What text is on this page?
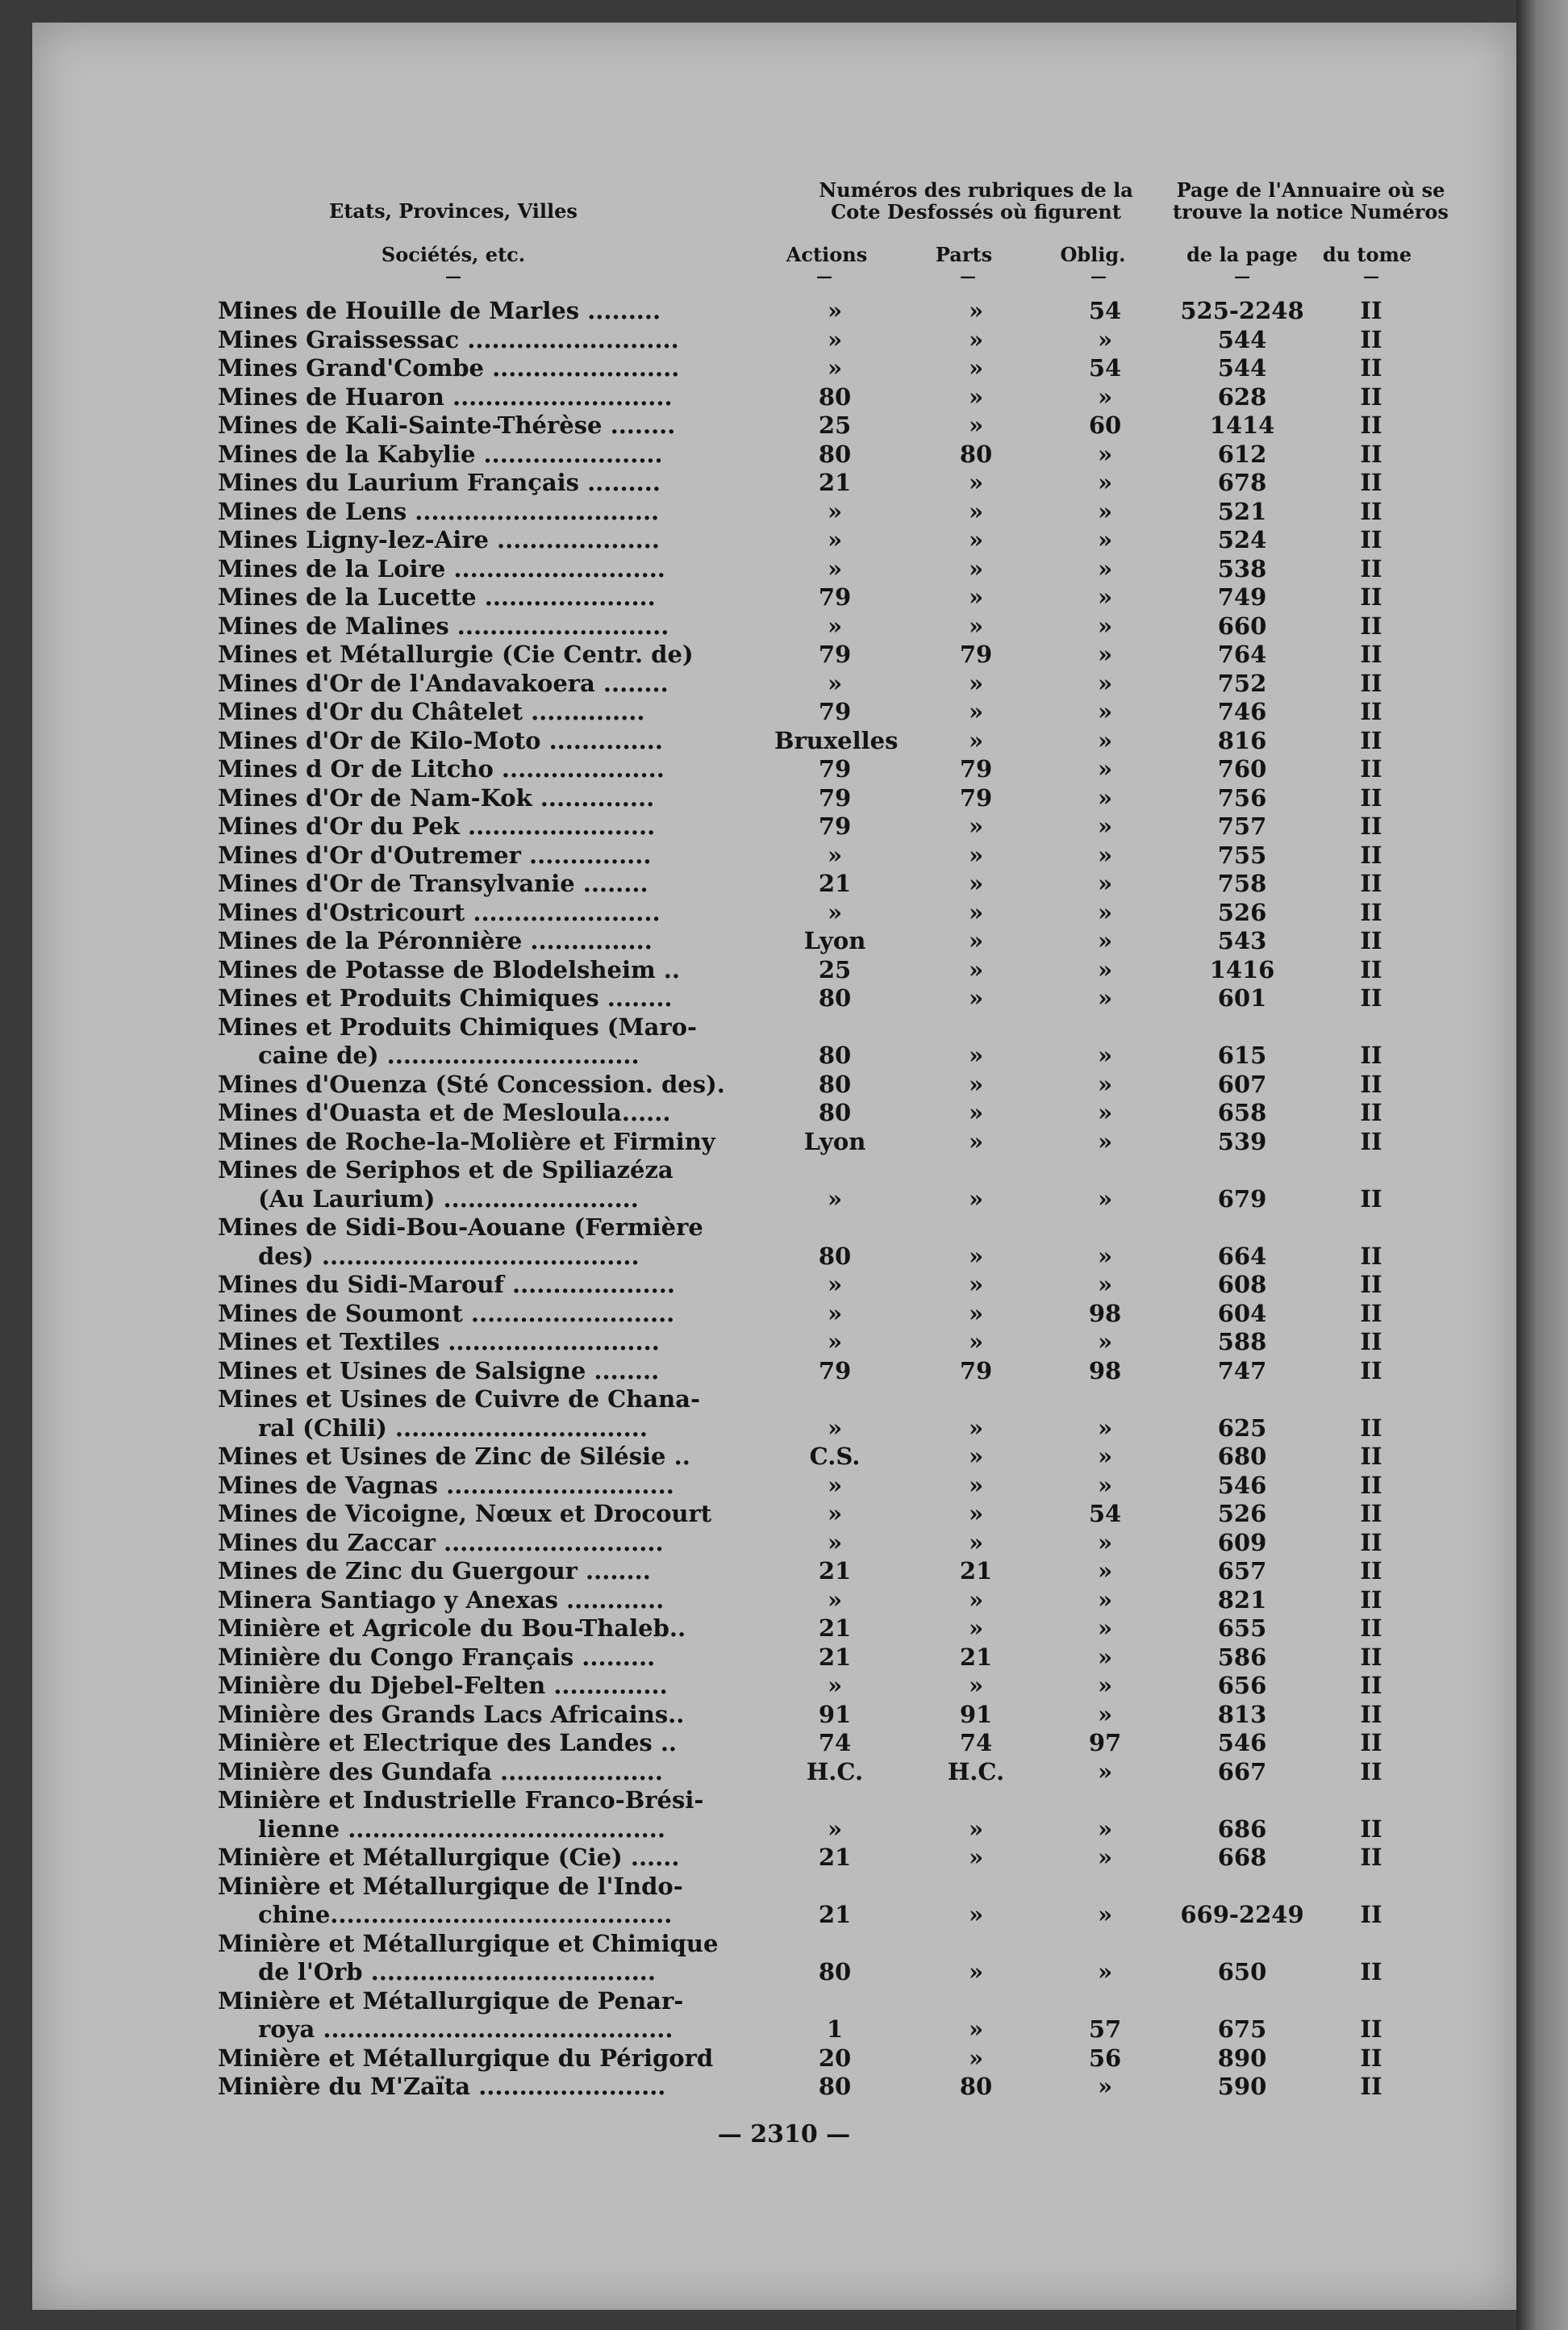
Etats, Provinces, Villes
Sociétés, etc.
Numéros des rubriques de la Cote Desfossés où figurent
Page de l'Annuaire où se trouve la notice Numéros
Actions	Parts	Oblig.	de la page	du tome
—	—	—	—	—	—
Mines de Houille de Marles .........	»	»	54	525-2248	II
Mines Graissessac ..........................	»	»	»	544	II
Mines Grand'Combe .......................	»	»	54	544	II
Mines de Huaron ...........................	80	»	»	628	II
Mines de Kali-Sainte-Thérèse ........	25	»	60	1414	II
Mines de la Kabylie ......................	80	80	»	612	II
Mines du Laurium Français .........	21	»	»	678	II
Mines de Lens ..............................	»	»	»	521	II
Mines Ligny-lez-Aire ....................	»	»	»	524	II
Mines de la Loire ..........................	»	»	»	538	II
Mines de la Lucette .....................	79	»	»	749	II
Mines de Malines ..........................	»	»	»	660	II
Mines et Métallurgie (Cie Centr. de)	79	79	»	764	II
Mines d'Or de l'Andavakoera ........	»	»	»	752	II
Mines d'Or du Châtelet ..............	79	»	»	746	II
Mines d'Or de Kilo-Moto ..............	Bruxelles	»	»	816	II
Mines d Or de Litcho ....................	79	79	»	760	II
Mines d'Or de Nam-Kok ..............	79	79	»	756	II
Mines d'Or du Pek .......................	79	»	»	757	II
Mines d'Or d'Outremer ...............	»	»	»	755	II
Mines d'Or de Transylvanie ........	21	»	»	758	II
Mines d'Ostricourt .......................	»	»	»	526	II
Mines de la Péronnière ...............	Lyon	»	»	543	II
Mines de Potasse de Blodelsheim ..	25	»	»	1416	II
Mines et Produits Chimiques ........	80	»	»	601	II
Mines et Produits Chimiques (Maro-
caine de) ...............................	80	»	»	615	II
Mines d'Ouenza (Sté Concession. des).	80	»	»	607	II
Mines d'Ouasta et de Mesloula......	80	»	»	658	II
Mines de Roche-la-Molière et Firminy	Lyon	»	»	539	II
Mines de Seriphos et de Spiliazéza
(Au Laurium) ........................	»	»	»	679	II
Mines de Sidi-Bou-Aouane (Fermière
des) .......................................	80	»	»	664	II
Mines du Sidi-Marouf ....................	»	»	»	608	II
Mines de Soumont .........................	»	»	98	604	II
Mines et Textiles ..........................	»	»	»	588	II
Mines et Usines de Salsigne ........	79	79	98	747	II
Mines et Usines de Cuivre de Chana-
ral (Chili) ...............................	»	»	»	625	II
Mines et Usines de Zinc de Silésie ..	C.S.	»	»	680	II
Mines de Vagnas ............................	»	»	»	546	II
Mines de Vicoigne, Nœux et Drocourt	»	»	54	526	II
Mines du Zaccar ...........................	»	»	»	609	II
Mines de Zinc du Guergour ........	21	21	»	657	II
Minera Santiago y Anexas ............	»	»	»	821	II
Minière et Agricole du Bou-Thaleb..	21	»	»	655	II
Minière du Congo Français .........	21	21	»	586	II
Minière du Djebel-Felten ..............	»	»	»	656	II
Minière des Grands Lacs Africains..	91	91	»	813	II
Minière et Electrique des Landes ..	74	74	97	546	II
Minière des Gundafa ....................	H.C.	H.C.	»	667	II
Minière et Industrielle Franco-Brési-
lienne .......................................	»	»	»	686	II
Minière et Métallurgique (Cie) ......	21	»	»	668	II
Minière et Métallurgique de l'Indo-
chine..........................................	21	»	»	669-2249	II
Minière et Métallurgique et Chimique
de l'Orb ...................................	80	»	»	650	II
Minière et Métallurgique de Penar-
roya ...........................................	1	»	57	675	II
Minière et Métallurgique du Périgord	20	»	56	890	II
Minière du M'Zaïta .......................	80	80	»	590	II
— 2310 —
